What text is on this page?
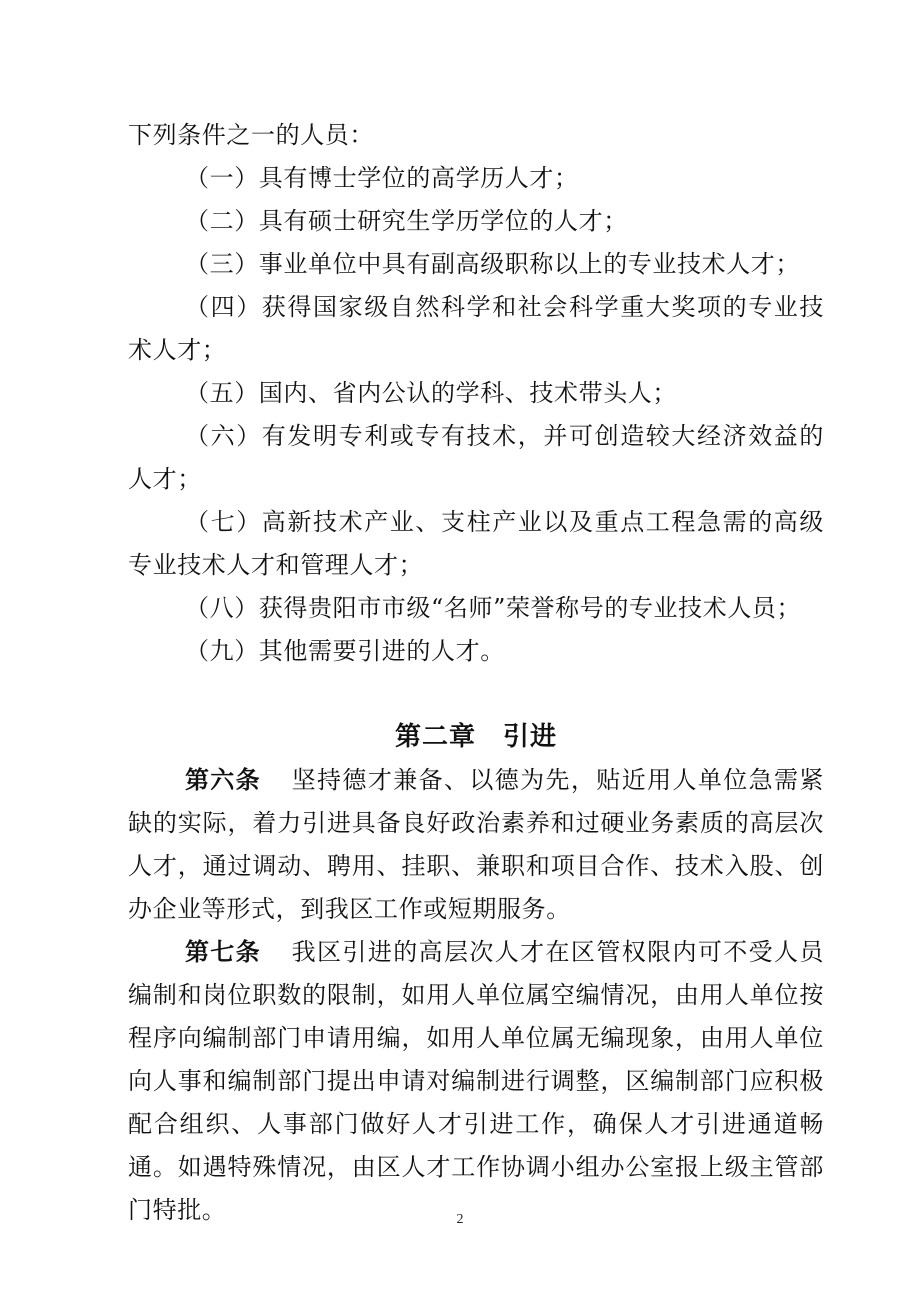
下列条件之一的人员：

（一）具有博士学位的高学历人才；

（二）具有硕士研究生学历学位的人才；

（三）事业单位中具有副高级职称以上的专业技术人才；

（四）获得国家级自然科学和社会科学重大奖项的专业技术人才；

（五）国内、省内公认的学科、技术带头人；

（六）有发明专利或专有技术，并可创造较大经济效益的人才；

（七）高新技术产业、支柱产业以及重点工程急需的高级专业技术人才和管理人才；

（八）获得贵阳市市级“名师”荣誉称号的专业技术人员；

（九）其他需要引进的人才。

第二章　引进

第六条 坚持德才兼备、以德为先，贴近用人单位急需紧缺的实际，着力引进具备良好政治素养和过硬业务素质的高层次人才，通过调动、聘用、挂职、兼职和项目合作、技术入股、创办企业等形式，到我区工作或短期服务。

第七条 我区引进的高层次人才在区管权限内可不受人员编制和岗位职数的限制，如用人单位属空编情况，由用人单位按程序向编制部门申请用编，如用人单位属无编现象，由用人单位向人事和编制部门提出申请对编制进行调整，区编制部门应积极配合组织、人事部门做好人才引进工作，确保人才引进通道畅通。如遇特殊情况，由区人才工作协调小组办公室报上级主管部门特批。	2
